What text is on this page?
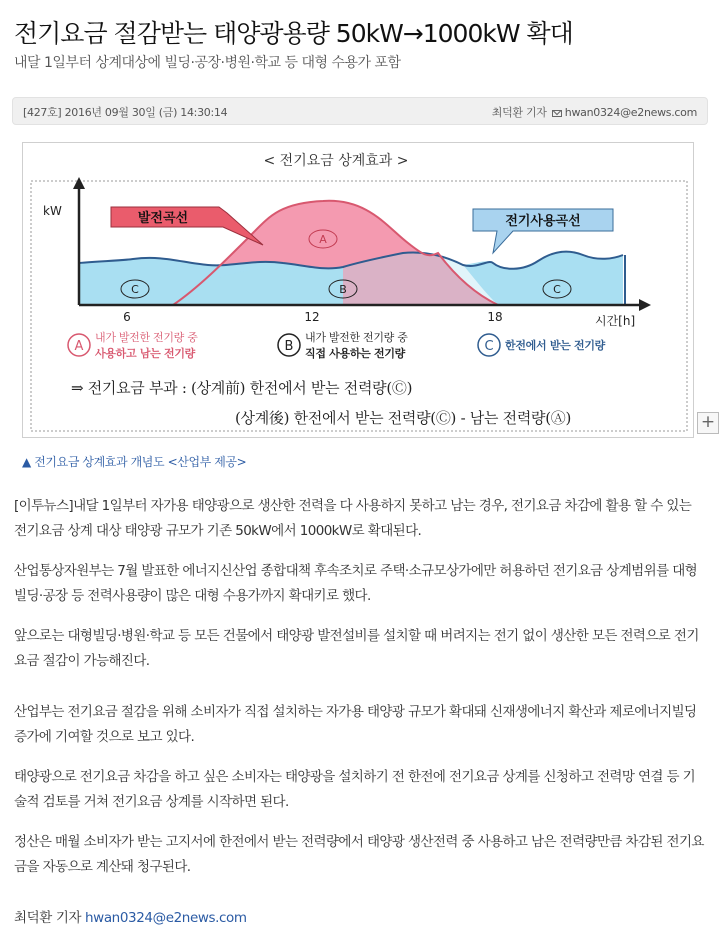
전기요금 절감받는 태양광용량 50kW→1000kW 확대
내달 1일부터 상계대상에 빌딩·공장·병원·학교 등 대형 수용가 포함
[427호] 2016년 09월 30일 (금) 14:30:14	최덕환 기자 hwan0324@e2news.com
< 전기요금 상계효과 >
kW
6	12	18	시간[h]
발전곡선	전기사용곡선
A
B
C	C
A
내가 발전한 전기량 중
사용하고 남는 전기량	B
내가 발전한 전기량 중
직접 사용하는 전기량	C 한전에서 받는 전기량
⇒ 전기요금 부과 : (상계前) 한전에서 받는 전력량(Ⓒ)
(상계後) 한전에서 받는 전력량(Ⓒ) - 남는 전력량(Ⓐ)	+
▲ 전기요금 상계효과 개념도 <산업부 제공>

[이투뉴스]내달 1일부터 자가용 태양광으로 생산한 전력을 다 사용하지 못하고 남는 경우, 전기요금 차감에 활용 할 수 있는 전기요금 상계 대상 태양광 규모가 기존 50kW에서 1000kW로 확대된다.

산업통상자원부는 7월 발표한 에너지신산업 종합대책 후속조치로 주택·소규모상가에만 허용하던 전기요금 상계범위를 대형빌딩·공장 등 전력사용량이 많은 대형 수용가까지 확대키로 했다.

앞으로는 대형빌딩·병원·학교 등 모든 건물에서 태양광 발전설비를 설치할 때 버려지는 전기 없이 생산한 모든 전력으로 전기요금 절감이 가능해진다.

산업부는 전기요금 절감을 위해 소비자가 직접 설치하는 자가용 태양광 규모가 확대돼 신재생에너지 확산과 제로에너지빌딩 증가에 기여할 것으로 보고 있다.

태양광으로 전기요금 차감을 하고 싶은 소비자는 태양광을 설치하기 전 한전에 전기요금 상계를 신청하고 전력망 연결 등 기술적 검토를 거쳐 전기요금 상계를 시작하면 된다.

정산은 매월 소비자가 받는 고지서에 한전에서 받는 전력량에서 태양광 생산전력 중 사용하고 남은 전력량만큼 차감된 전기요금을 자동으로 계산돼 청구된다.

최덕환 기자 hwan0324@e2news.com
